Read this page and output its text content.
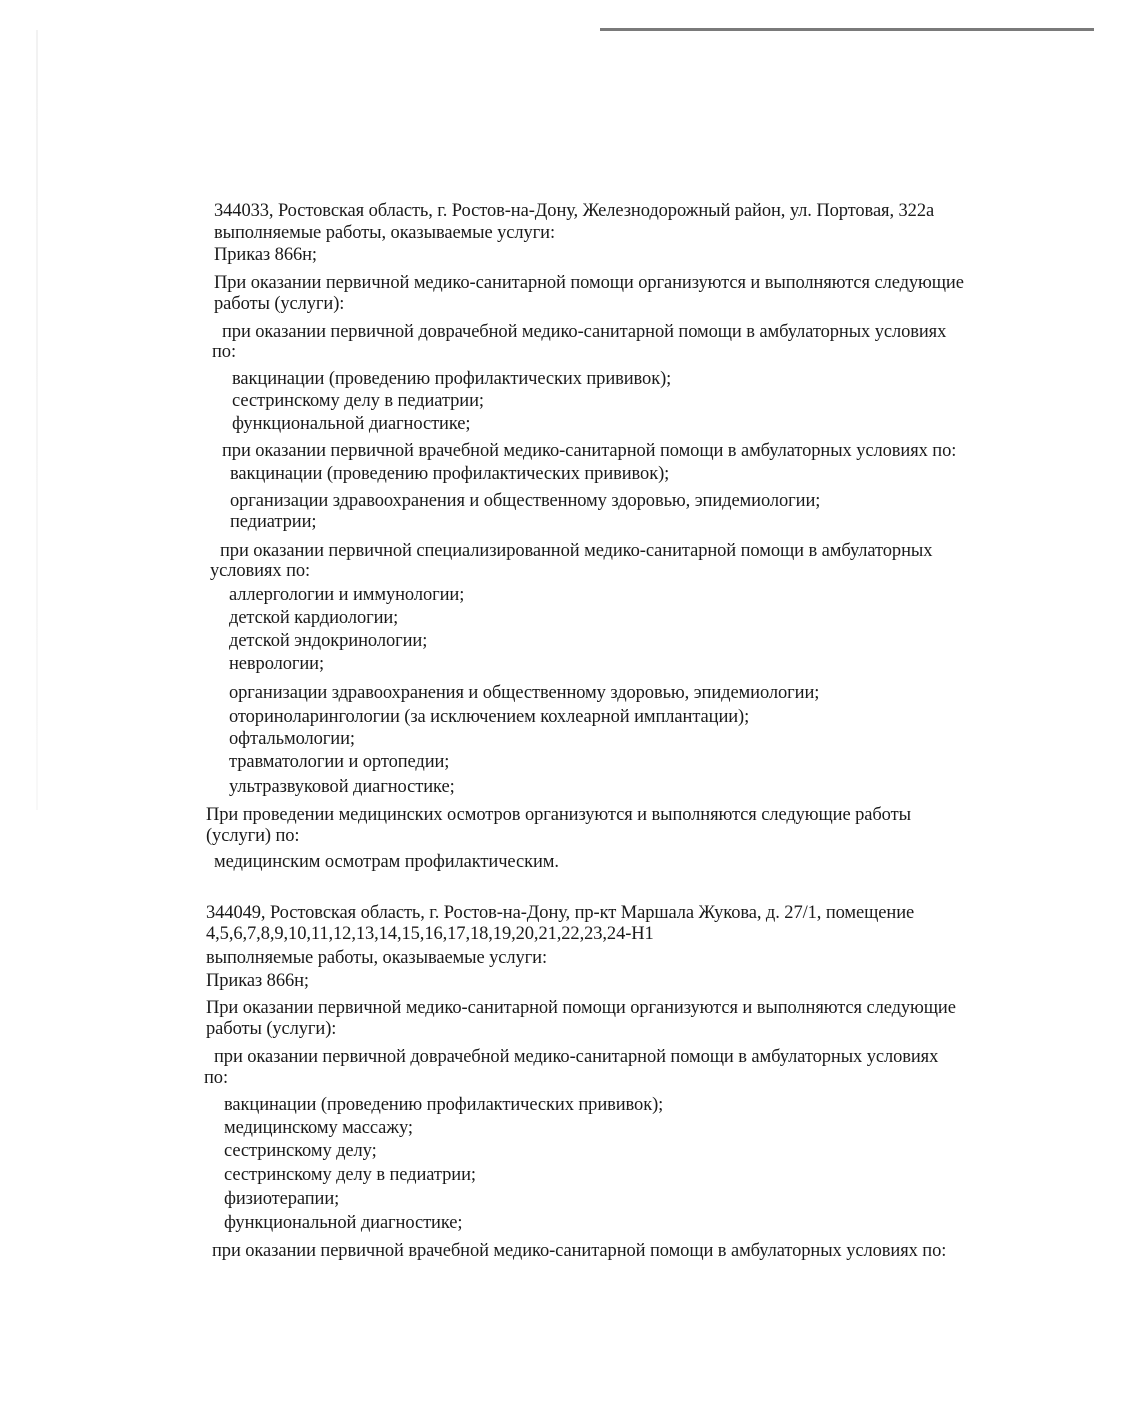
344033, Ростовская область, г. Ростов-на-Дону, Железнодорожный район, ул. Портовая, 322а
выполняемые работы, оказываемые услуги:
Приказ 866н;
При оказании первичной медико-санитарной помощи организуются и выполняются следующие
работы (услуги):
при оказании первичной доврачебной медико-санитарной помощи в амбулаторных условиях
по:
вакцинации (проведению профилактических прививок);
сестринскому делу в педиатрии;
функциональной диагностике;
при оказании первичной врачебной медико-санитарной помощи в амбулаторных условиях по:
вакцинации (проведению профилактических прививок);
организации здравоохранения и общественному здоровью, эпидемиологии;
педиатрии;
при оказании первичной специализированной медико-санитарной помощи в амбулаторных
условиях по:
аллергологии и иммунологии;
детской кардиологии;
детской эндокринологии;
неврологии;
организации здравоохранения и общественному здоровью, эпидемиологии;
оториноларингологии (за исключением кохлеарной имплантации);
офтальмологии;
травматологии и ортопедии;
ультразвуковой диагностике;
При проведении медицинских осмотров организуются и выполняются следующие работы
(услуги) по:
медицинским осмотрам профилактическим.
344049, Ростовская область, г. Ростов-на-Дону, пр-кт Маршала Жукова, д. 27/1, помещение
4,5,6,7,8,9,10,11,12,13,14,15,16,17,18,19,20,21,22,23,24-Н1
выполняемые работы, оказываемые услуги:
Приказ 866н;
При оказании первичной медико-санитарной помощи организуются и выполняются следующие
работы (услуги):
при оказании первичной доврачебной медико-санитарной помощи в амбулаторных условиях
по:
вакцинации (проведению профилактических прививок);
медицинскому массажу;
сестринскому делу;
сестринскому делу в педиатрии;
физиотерапии;
функциональной диагностике;
при оказании первичной врачебной медико-санитарной помощи в амбулаторных условиях по:
